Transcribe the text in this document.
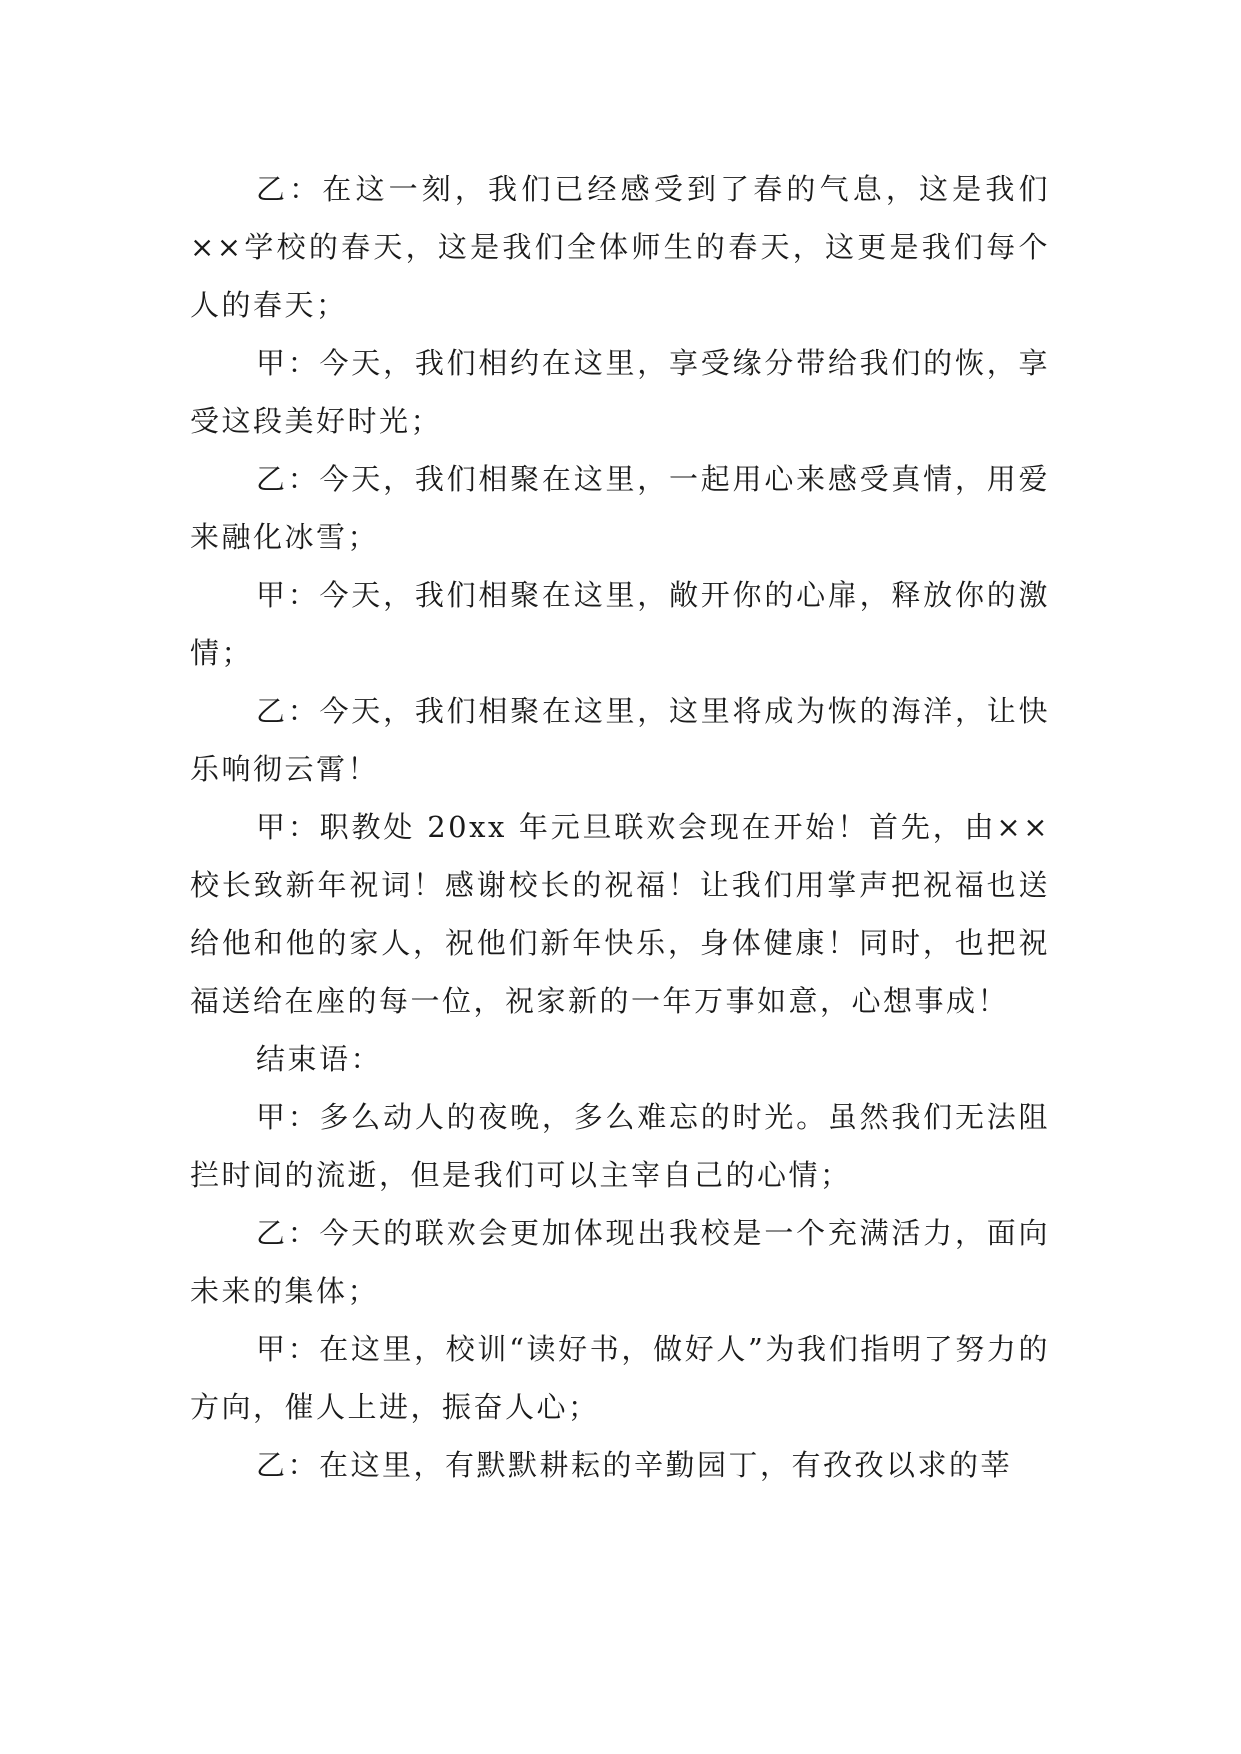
乙：在这一刻，我们已经感受到了春的气息，这是我们××学校的春天，这是我们全体师生的春天，这更是我们每个人的春天；

甲：今天，我们相约在这里，享受缘分带给我们的恢，享受这段美好时光；

乙：今天，我们相聚在这里，一起用心来感受真情，用爱来融化冰雪；

甲：今天，我们相聚在这里，敞开你的心扉，释放你的激情；

乙：今天，我们相聚在这里，这里将成为恢的海洋，让快乐响彻云霄！

甲：职教处 20xx 年元旦联欢会现在开始！首先，由××校长致新年祝词！感谢校长的祝福！让我们用掌声把祝福也送给他和他的家人，祝他们新年快乐，身体健康！同时，也把祝福送给在座的每一位，祝家新的一年万事如意，心想事成！

结束语：

甲：多么动人的夜晚，多么难忘的时光。虽然我们无法阻拦时间的流逝，但是我们可以主宰自己的心情；

乙：今天的联欢会更加体现出我校是一个充满活力，面向未来的集体；

甲：在这里，校训“读好书，做好人”为我们指明了努力的方向，催人上进，振奋人心；

乙：在这里，有默默耕耘的辛勤园丁，有孜孜以求的莘
